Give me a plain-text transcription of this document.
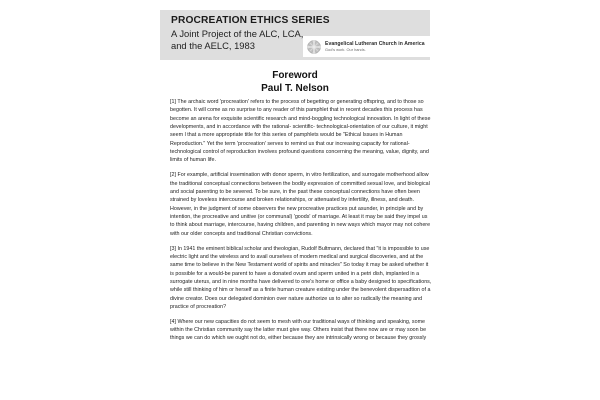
PROCREATION ETHICS SERIES
A Joint Project of the ALC, LCA,
and the AELC, 1983	Evangelical Lutheran Church in America
God's work. Our hands.
Foreword
Paul T. Nelson

[1] The archaic word 'procreation' refers to the process of begetting or generating offspring, and to those so begotten. It will come as no surprise to any reader of this pamphlet that in recent decades this process has become an arena for exquisite scientific research and mind-boggling technological innovation. In light of these developments, and in accordance with the rational- scientific- technological-orientation of our culture, it might seem l that a more appropriate title for this series of pamphlets would be "Ethical Issues in Human Reproduction." Yet the term 'procreation' serves to remind us that our increasing capacity for rational-technological control of reproduction involves profound questions concerning the meaning, value, dignity, and limits of human life.

[2] For example, artificial insemination with donor sperm, in vitro fertilization, and surrogate motherhood allow the traditional conceptual connections between the bodily expression of committed sexual love, and biological and social parenting to be severed. To be sure, in the past these conceptual connections have often been strained by loveless intercourse and broken relationships, or attenuated by infertility, illness, and death. However, in the judgment of some observers the new procreative practices put asunder, in principle and by intention, the procreative and unitive (or communal) 'goods' of marriage. At least it may be said they impel us to think about marriage, intercourse, having children, and parenting in new ways which mayor may not cohere with our older concepts and traditional Christian convictions.

[3] In 1941 the eminent biblical scholar and theologian, Rudolf Bultmann, declared that "it is impossible to use electric light and the wireless and to avail ourselves of modern medical and surgical discoveries, and at the same time to believe in the New Testament world of spirits and miracles" So today it may be asked whether it is possible for a would-be parent to have a donated ovum and sperm united in a petri dish, implanted in a surrogate uterus, and in nine months have delivered to one's home or office a baby designed to specifications, while still thinking of him or herself as a finite human creature existing under the benevolent dispersadtion of a divine creator. Does our delegated dominion over nature authorize us to alter so radically the meaning and practice of procreation?

[4] Where our new capacities do not seem to mesh with our traditional ways of thinking and speaking, some within the Christian community say the latter must give way. Others insist that there now are or may soon be things we can do which we ought not do, either because they are intrinsically wrong or because they grossly
